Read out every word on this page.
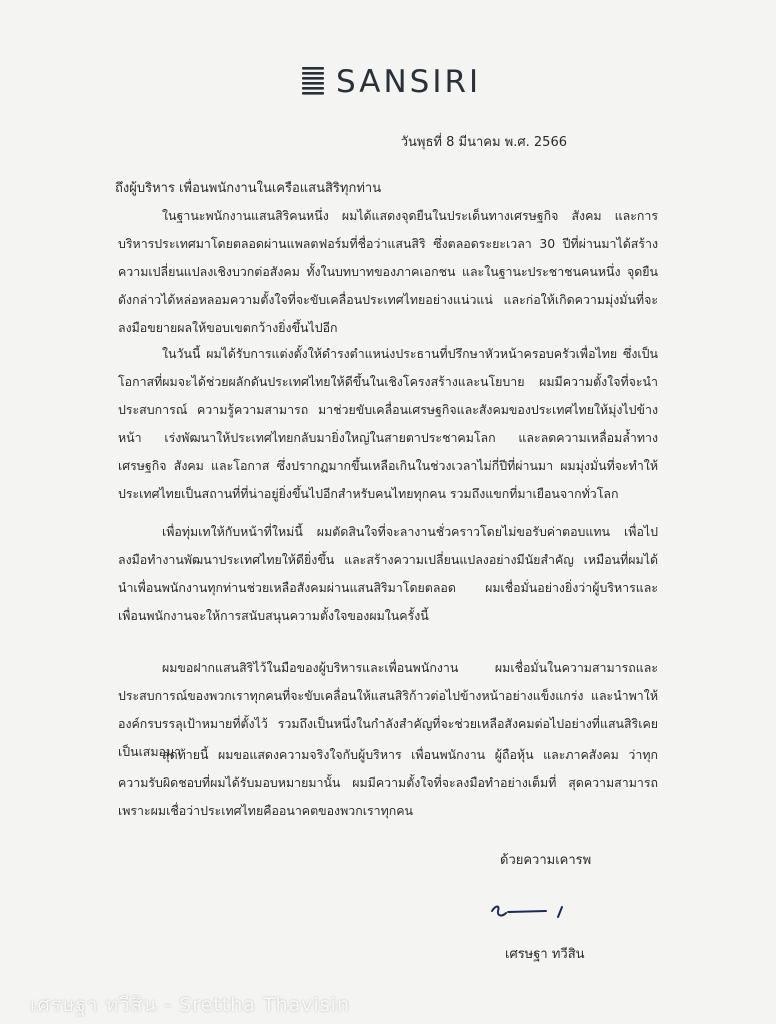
SANSIRI
วันพุธที่ 8 มีนาคม พ.ศ. 2566
ถึงผู้บริหาร เพื่อนพนักงานในเครือแสนสิริทุกท่าน
ในฐานะพนักงานแสนสิริคนหนึ่ง ผมได้แสดงจุดยืนในประเด็นทางเศรษฐกิจ สังคม และการบริหารประเทศมาโดยตลอดผ่านแพลตฟอร์มที่ชื่อว่าแสนสิริ ซึ่งตลอดระยะเวลา 30 ปีที่ผ่านมาได้สร้างความเปลี่ยนแปลงเชิงบวกต่อสังคม ทั้งในบทบาทของภาคเอกชน และในฐานะประชาชนคนหนึ่ง จุดยืนดังกล่าวได้หล่อหลอมความตั้งใจที่จะขับเคลื่อนประเทศไทยอย่างแน่วแน่ และก่อให้เกิดความมุ่งมั่นที่จะลงมือขยายผลให้ขอบเขตกว้างยิ่งขึ้นไปอีก
ในวันนี้ ผมได้รับการแต่งตั้งให้ดำรงตำแหน่งประธานที่ปรึกษาหัวหน้าครอบครัวเพื่อไทย ซึ่งเป็นโอกาสที่ผมจะได้ช่วยผลักดันประเทศไทยให้ดีขึ้นในเชิงโครงสร้างและนโยบาย ผมมีความตั้งใจที่จะนำประสบการณ์ ความรู้ความสามารถ มาช่วยขับเคลื่อนเศรษฐกิจและสังคมของประเทศไทยให้มุ่งไปข้างหน้า เร่งพัฒนาให้ประเทศไทยกลับมายิ่งใหญ่ในสายตาประชาคมโลก และลดความเหลื่อมล้ำทางเศรษฐกิจ สังคม และโอกาส ซึ่งปรากฏมากขึ้นเหลือเกินในช่วงเวลาไม่กี่ปีที่ผ่านมา ผมมุ่งมั่นที่จะทำให้ประเทศไทยเป็นสถานที่ที่น่าอยู่ยิ่งขึ้นไปอีกสำหรับคนไทยทุกคน รวมถึงแขกที่มาเยือนจากทั่วโลก
เพื่อทุ่มเทให้กับหน้าที่ใหม่นี้ ผมตัดสินใจที่จะลางานชั่วคราวโดยไม่ขอรับค่าตอบแทน เพื่อไปลงมือทำงานพัฒนาประเทศไทยให้ดียิ่งขึ้น และสร้างความเปลี่ยนแปลงอย่างมีนัยสำคัญ เหมือนที่ผมได้นำเพื่อนพนักงานทุกท่านช่วยเหลือสังคมผ่านแสนสิริมาโดยตลอด ผมเชื่อมั่นอย่างยิ่งว่าผู้บริหารและเพื่อนพนักงานจะให้การสนับสนุนความตั้งใจของผมในครั้งนี้
ผมขอฝากแสนสิริไว้ในมือของผู้บริหารและเพื่อนพนักงาน ผมเชื่อมั่นในความสามารถและประสบการณ์ของพวกเราทุกคนที่จะขับเคลื่อนให้แสนสิริก้าวต่อไปข้างหน้าอย่างแข็งแกร่ง และนำพาให้องค์กรบรรลุเป้าหมายที่ตั้งไว้ รวมถึงเป็นหนึ่งในกำลังสำคัญที่จะช่วยเหลือสังคมต่อไปอย่างที่แสนสิริเคยเป็นเสมอมา
สุดท้ายนี้ ผมขอแสดงความจริงใจกับผู้บริหาร เพื่อนพนักงาน ผู้ถือหุ้น และภาคสังคม ว่าทุกความรับผิดชอบที่ผมได้รับมอบหมายมานั้น ผมมีความตั้งใจที่จะลงมือทำอย่างเต็มที่ สุดความสามารถ เพราะผมเชื่อว่าประเทศไทยคืออนาคตของพวกเราทุกคน
ด้วยความเคารพ
เศรษฐา ทวีสิน
เศรษฐา ทวีสิน - Srettha Thavisin
